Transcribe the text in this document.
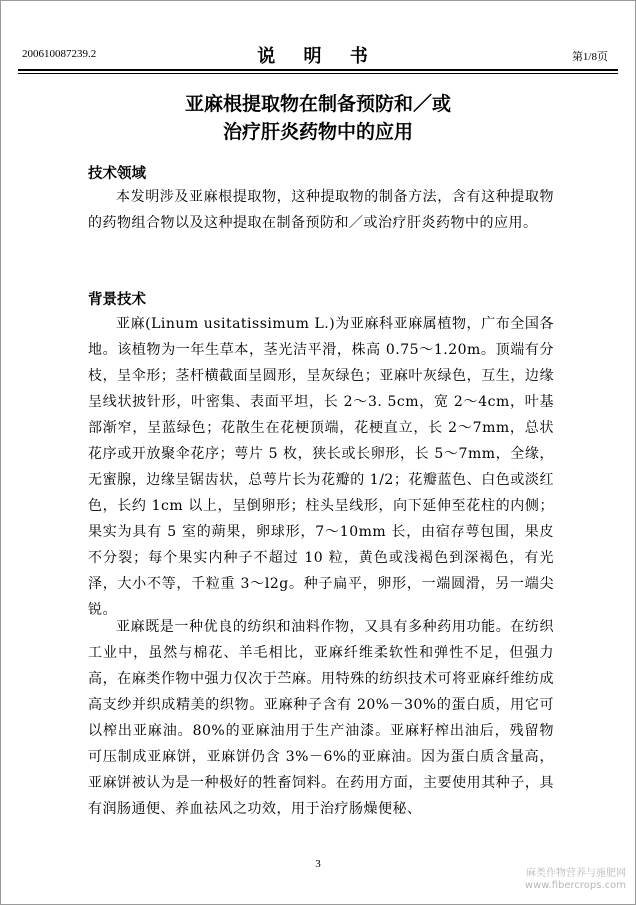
200610087239.2	说 明 书	第1/8页
亚麻根提取物在制备预防和／或
治疗肝炎药物中的应用
技术领域

本发明涉及亚麻根提取物，这种提取物的制备方法，含有这种提取物的药物组合物以及这种提取在制备预防和／或治疗肝炎药物中的应用。

背景技术

亚麻(Linum usitatissimum L.)为亚麻科亚麻属植物，广布全国各地。该植物为一年生草本，茎光洁平滑，株高 0.75～1.20m。顶端有分枝，呈伞形；茎杆横截面呈圆形，呈灰绿色；亚麻叶灰绿色，互生，边缘呈线状披针形，叶密集、表面平坦，长 2～3. 5cm，宽 2～4cm，叶基部渐窄，呈蓝绿色；花散生在花梗顶端，花梗直立，长 2～7mm，总状花序或开放聚伞花序；萼片 5 枚，狭长或长卵形，长 5～7mm，全缘，无蜜腺，边缘呈锯齿状，总萼片长为花瓣的 1/2；花瓣蓝色、白色或淡红色，长约 1cm 以上，呈倒卵形；柱头呈线形，向下延伸至花柱的内侧；果实为具有 5 室的蒴果，卵球形，7～10mm 长，由宿存萼包围，果皮不分裂；每个果实内种子不超过 10 粒，黄色或浅褐色到深褐色，有光泽，大小不等，千粒重 3～l2g。种子扁平，卵形，一端圆滑，另一端尖锐。

亚麻既是一种优良的纺织和油料作物，又具有多种药用功能。在纺织工业中，虽然与棉花、羊毛相比，亚麻纤维柔软性和弹性不足，但强力高，在麻类作物中强力仅次于苎麻。用特殊的纺织技术可将亚麻纤维纺成高支纱并织成精美的织物。亚麻种子含有 20%－30%的蛋白质，用它可以榨出亚麻油。80%的亚麻油用于生产油漆。亚麻籽榨出油后，残留物可压制成亚麻饼，亚麻饼仍含 3%－6%的亚麻油。因为蛋白质含量高，亚麻饼被认为是一种极好的牲畜饲料。在药用方面，主要使用其种子，具有润肠通便、养血祛风之功效，用于治疗肠燥便秘、

3
麻类作物营养与施肥网
www.fibercrops.com
